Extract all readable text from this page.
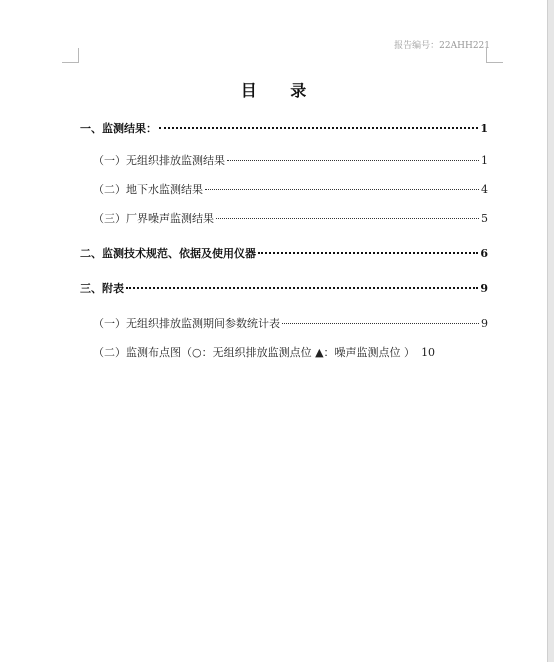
报告编号：22AHH221
目 录
一、监测结果：	1
（一）无组织排放监测结果	1
（二）地下水监测结果	4
（三）厂界噪声监测结果	5
二、监测技术规范、依据及使用仪器	6
三、附表	9
（一）无组织排放监测期间参数统计表	9
（二）监测布点图（○：无组织排放监测点位 ▲：噪声监测点位 ） 10
